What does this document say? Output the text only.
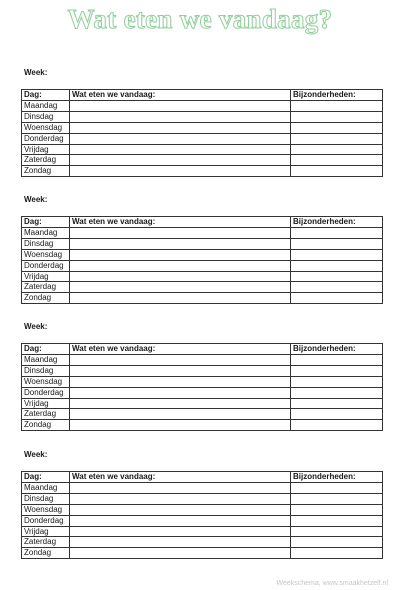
Wat eten we vandaag?
Week:
Dag:	Wat eten we vandaag:	Bijzonderheden:
Maandag		
Dinsdag		
Woensdag		
Donderdag		
Vrijdag		
Zaterdag		
Zondag		
Week:
Dag:	Wat eten we vandaag:	Bijzonderheden:
Maandag		
Dinsdag		
Woensdag		
Donderdag		
Vrijdag		
Zaterdag		
Zondag		
Week:
Dag:	Wat eten we vandaag:	Bijzonderheden:
Maandag		
Dinsdag		
Woensdag		
Donderdag		
Vrijdag		
Zaterdag		
Zondag		
Week:
Dag:	Wat eten we vandaag:	Bijzonderheden:
Maandag		
Dinsdag		
Woensdag		
Donderdag		
Vrijdag		
Zaterdag		
Zondag		
Weekschema, www.smaakhetzelf.nl
